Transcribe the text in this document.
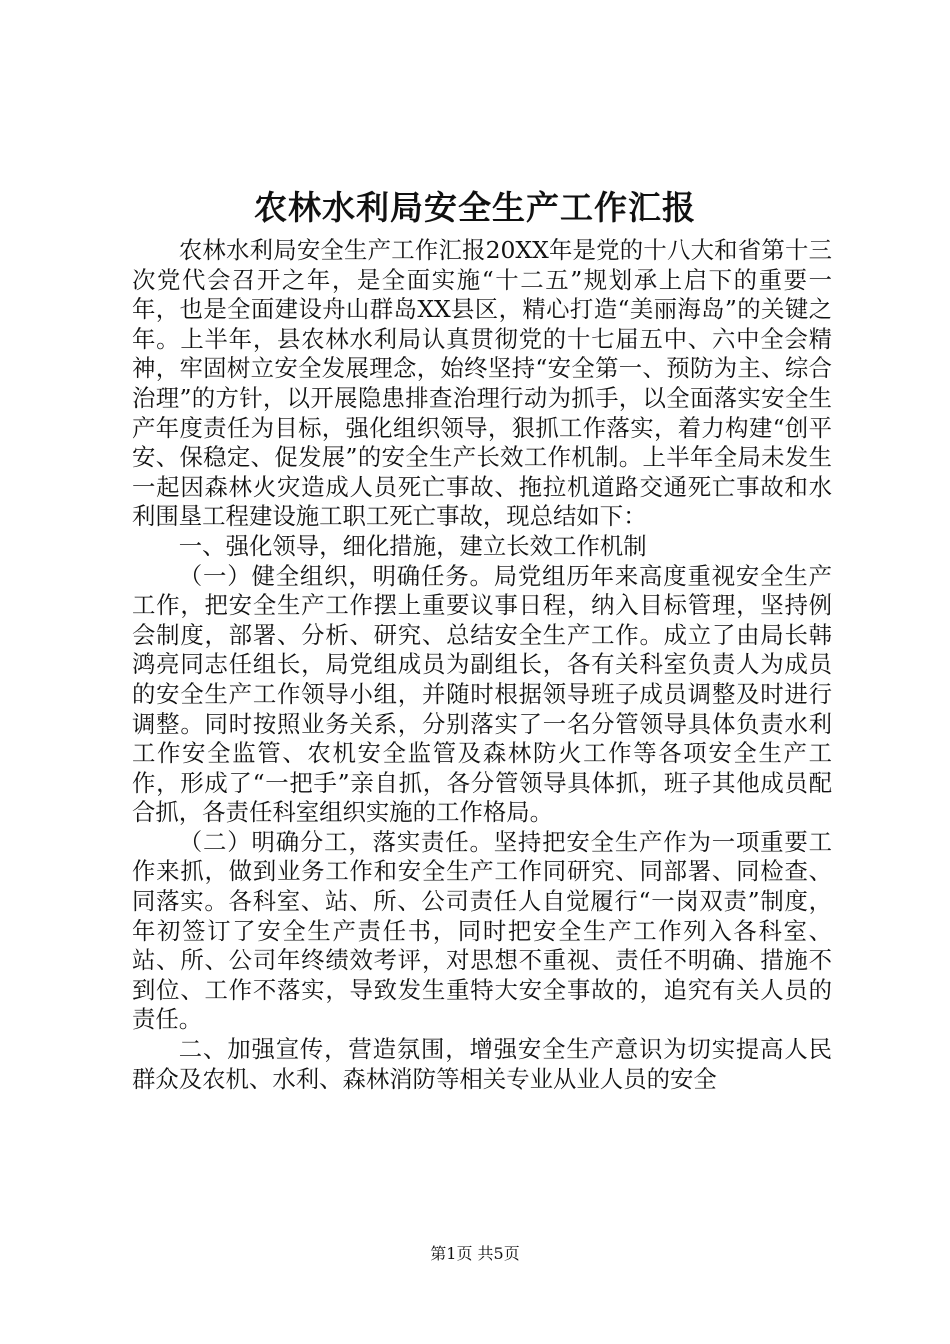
农林水利局安全生产工作汇报

农林水利局安全生产工作汇报20XX年是党的十八大和省第十三次党代会召开之年，是全面实施“十二五”规划承上启下的重要一年，也是全面建设舟山群岛XX县区，精心打造“美丽海岛”的关键之年。上半年，县农林水利局认真贯彻党的十七届五中、六中全会精神，牢固树立安全发展理念，始终坚持“安全第一、预防为主、综合治理”的方针，以开展隐患排查治理行动为抓手，以全面落实安全生产年度责任为目标，强化组织领导，狠抓工作落实，着力构建“创平安、保稳定、促发展”的安全生产长效工作机制。上半年全局未发生一起因森林火灾造成人员死亡事故、拖拉机道路交通死亡事故和水利围垦工程建设施工职工死亡事故，现总结如下：

一、强化领导，细化措施，建立长效工作机制

（一）健全组织，明确任务。局党组历年来高度重视安全生产工作，把安全生产工作摆上重要议事日程，纳入目标管理，坚持例会制度，部署、分析、研究、总结安全生产工作。成立了由局长韩鸿亮同志任组长，局党组成员为副组长，各有关科室负责人为成员的安全生产工作领导小组，并随时根据领导班子成员调整及时进行调整。同时按照业务关系，分别落实了一名分管领导具体负责水利工作安全监管、农机安全监管及森林防火工作等各项安全生产工作，形成了“一把手”亲自抓，各分管领导具体抓，班子其他成员配合抓，各责任科室组织实施的工作格局。

（二）明确分工，落实责任。坚持把安全生产作为一项重要工作来抓，做到业务工作和安全生产工作同研究、同部署、同检查、同落实。各科室、站、所、公司责任人自觉履行“一岗双责”制度，年初签订了安全生产责任书，同时把安全生产工作列入各科室、站、所、公司年终绩效考评，对思想不重视、责任不明确、措施不到位、工作不落实，导致发生重特大安全事故的，追究有关人员的责任。

二、加强宣传，营造氛围，增强安全生产意识为切实提高人民群众及农机、水利、森林消防等相关专业从业人员的安全

第1页 共5页
